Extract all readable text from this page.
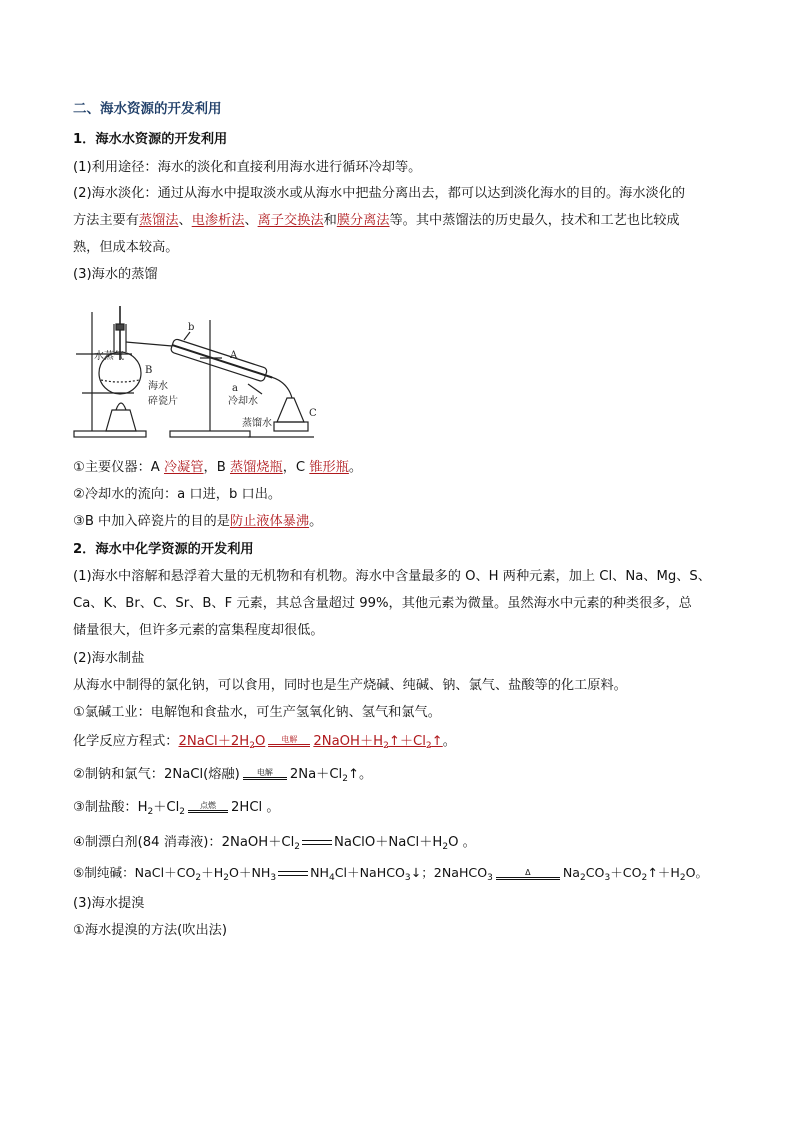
二、海水资源的开发利用
1．海水水资源的开发利用
(1)利用途径：海水的淡化和直接利用海水进行循环冷却等。
(2)海水淡化：通过从海水中提取淡水或从海水中把盐分离出去，都可以达到淡化海水的目的。海水淡化的
方法主要有蒸馏法、电渗析法、离子交换法和膜分离法等。其中蒸馏法的历史最久，技术和工艺也比较成
熟，但成本较高。
(3)海水的蒸馏
水蒸气
B
海水
碎瓷片
A
a
b
冷却水
C
蒸馏水
①主要仪器：A 冷凝管，B 蒸馏烧瓶，C 锥形瓶。
②冷却水的流向：a 口进，b 口出。
③B 中加入碎瓷片的目的是防止液体暴沸。
2．海水中化学资源的开发利用
(1)海水中溶解和悬浮着大量的无机物和有机物。海水中含量最多的 O、H 两种元素，加上 Cl、Na、Mg、S、
Ca、K、Br、C、Sr、B、F 元素，其总含量超过 99%，其他元素为微量。虽然海水中元素的种类很多，总
储量很大，但许多元素的富集程度却很低。
(2)海水制盐
从海水中制得的氯化钠，可以食用，同时也是生产烧碱、纯碱、钠、氯气、盐酸等的化工原料。
①氯碱工业：电解饱和食盐水，可生产氢氧化钠、氢气和氯气。
化学反应方程式：$2NaCl+2H_2O$	电解	$2NaOH+H_2↑+Cl_2↑$。
②制钠和氯气：2NaCl(熔融)	电解	$2Na+Cl_2↑$。
③制盐酸：$H_2+Cl_2$
点燃	2HCl 。
④制漂白剂(84 消毒液)：$2NaOH+Cl_2$	$NaClO+NaCl+H_2O$ 。
⑤制纯碱：$NaCl+CO_2+H_2O+NH_3$	$NH_4Cl+NaHCO_3↓$；2NaHCO$_3$
Δ	$Na_2CO_3+CO_2↑+H_2O$。
(3)海水提溴
①海水提溴的方法(吹出法)
